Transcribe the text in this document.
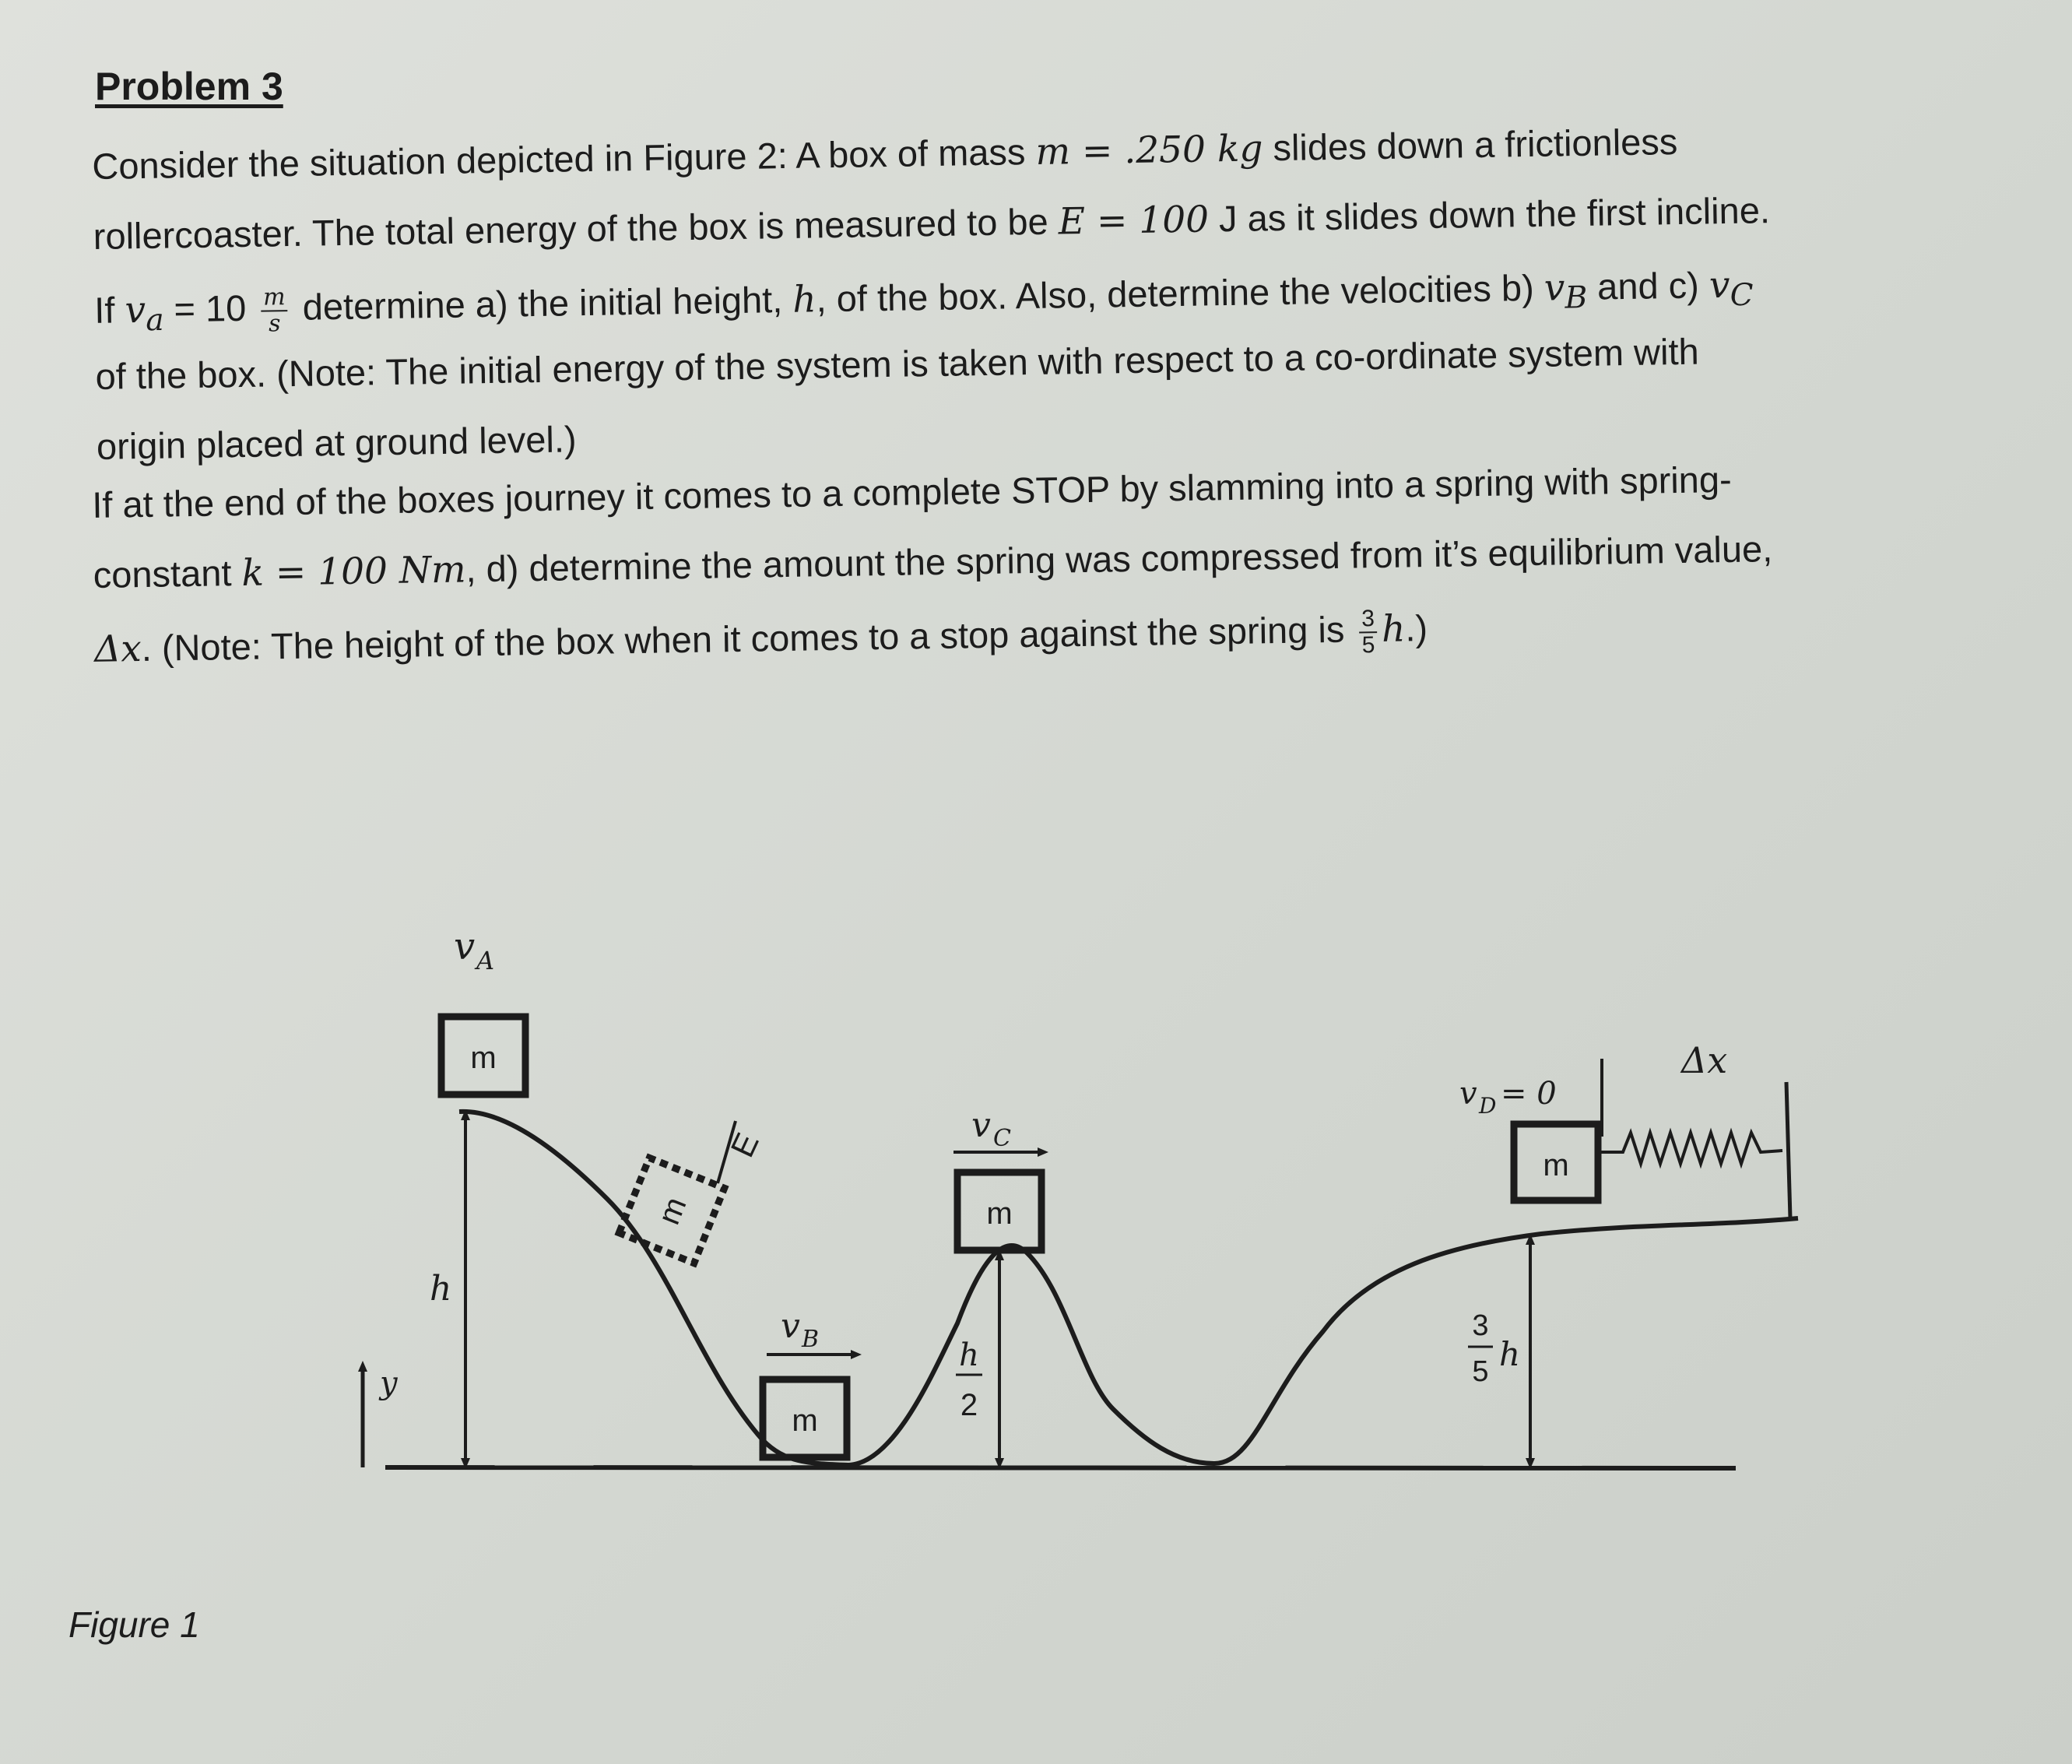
Problem 3
Consider the situation depicted in Figure 2: A box of mass m = .250 kg slides down a frictionless
rollercoaster. The total energy of the box is measured to be E = 100 J as it slides down the first incline.
If $v_a = 10 \frac{m}{s}$ determine a) the initial height, h, of the box. Also, determine the velocities b) $v_B$ and c) $v_C$
of the box. (Note: The initial energy of the system is taken with respect to a co-ordinate system with
origin placed at ground level.)
If at the end of the boxes journey it comes to a complete STOP by slamming into a spring with spring-
constant k = 100 Nm, d) determine the amount the spring was compressed from it’s equilibrium value,
Δx. (Note: The height of the box when it comes to a stop against the spring is $\frac{3}{5} h$.)
y
m
v A
h
m
E
m
v B
m
v C
h
2
m
v D = 0
Δx
3
5 h
Figure 1
